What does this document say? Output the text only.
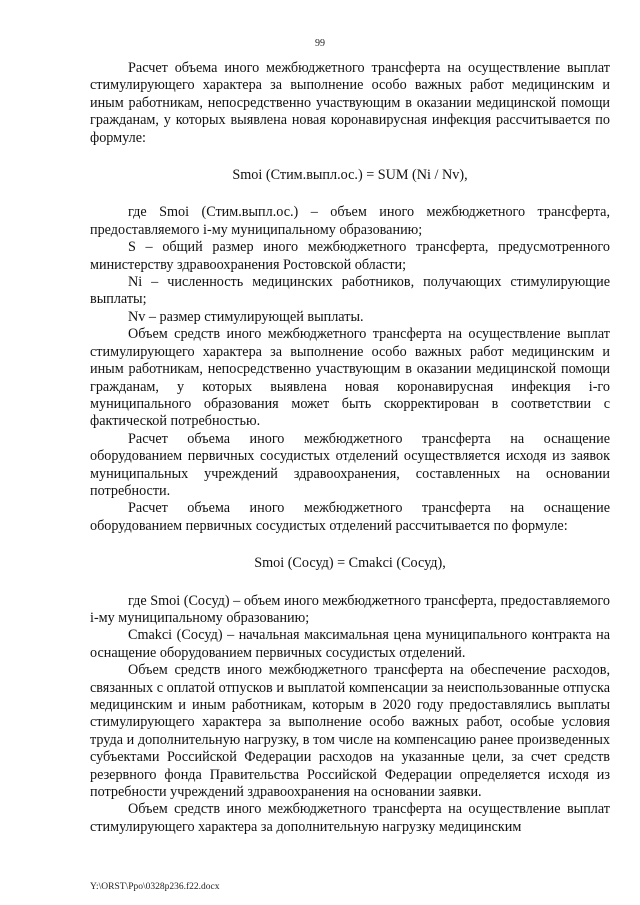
99

Расчет объема иного межбюджетного трансферта на осуществление выплат стимулирующего характера за выполнение особо важных работ медицинским и иным работникам, непосредственно участвующим в оказании медицинской помощи гражданам, у которых выявлена новая коронавирусная инфекция рассчитывается по формуле:

Smoi (Стим.выпл.ос.) = SUM (Ni / Nv),

где Smoi (Стим.выпл.ос.) – объем иного межбюджетного трансферта, предоставляемого i-му муниципальному образованию;

S – общий размер иного межбюджетного трансферта, предусмотренного министерству здравоохранения Ростовской области;

Ni – численность медицинских работников, получающих стимулирующие выплаты;

Nv – размер стимулирующей выплаты.

Объем средств иного межбюджетного трансферта на осуществление выплат стимулирующего характера за выполнение особо важных работ медицинским и иным работникам, непосредственно участвующим в оказании медицинской помощи гражданам, у которых выявлена новая коронавирусная инфекция i-го муниципального образования может быть скорректирован в соответствии с фактической потребностью.

Расчет объема иного межбюджетного трансферта на оснащение оборудованием первичных сосудистых отделений осуществляется исходя из заявок муниципальных учреждений здравоохранения, составленных на основании потребности.

Расчет объема иного межбюджетного трансферта на оснащение оборудованием первичных сосудистых отделений рассчитывается по формуле:

Smoi (Сосуд) = Cmakci (Сосуд),

где Smoi (Сосуд) – объем иного межбюджетного трансферта, предоставляемого i-му муниципальному образованию;

Cmakci (Сосуд) – начальная максимальная цена муниципального контракта на оснащение оборудованием первичных сосудистых отделений.

Объем средств иного межбюджетного трансферта на обеспечение расходов, связанных с оплатой отпусков и выплатой компенсации за неиспользованные отпуска медицинским и иным работникам, которым в 2020 году предоставлялись выплаты стимулирующего характера за выполнение особо важных работ, особые условия труда и дополнительную нагрузку, в том числе на компенсацию ранее произведенных субъектами Российской Федерации расходов на указанные цели, за счет средств резервного фонда Правительства Российской Федерации определяется исходя из потребности учреждений здравоохранения на основании заявки.

Объем средств иного межбюджетного трансферта на осуществление выплат стимулирующего характера за дополнительную нагрузку медицинским

Y:\ORST\Ppo\0328p236.f22.docx
